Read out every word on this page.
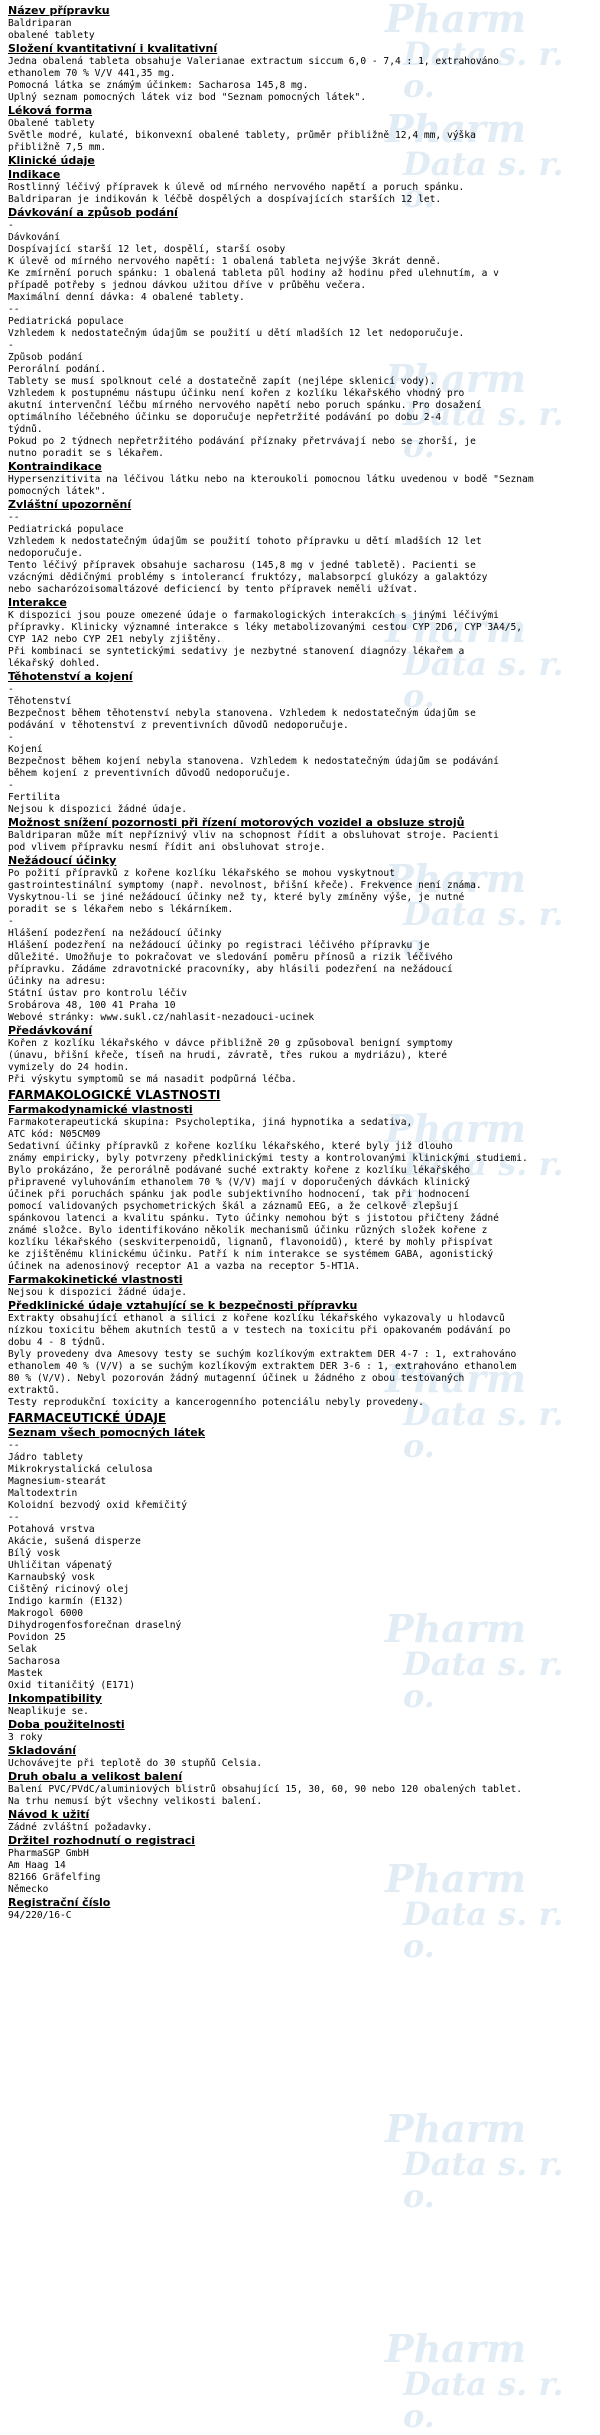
Pharm
Data s. r. o.
Pharm
Data s. r. o.
Pharm
Data s. r. o.
Pharm
Data s. r. o.
Pharm
Data s. r. o.
Pharm
Data s. r. o.
Pharm
Data s. r. o.
Pharm
Data s. r. o.
Pharm
Data s. r. o.
Pharm
Data s. r. o.
Pharm
Data s. r. o.
Název přípravku
Baldriparan
obalené tablety
Složení kvantitativní i kvalitativní
Jedna obalená tableta obsahuje Valerianae extractum siccum 6,0 - 7,4 : 1, extrahováno
ethanolem 70 % V/V 441,35 mg.
Pomocná látka se známým účinkem: Sacharosa 145,8 mg.
Úplný seznam pomocných látek viz bod "Seznam pomocných látek".
Léková forma
Obalené tablety
Světle modré, kulaté, bikonvexní obalené tablety, průměr přibližně 12,4 mm, výška
přibližně 7,5 mm.
Klinické údaje
Indikace
Rostlinný léčivý přípravek k úlevě od mírného nervového napětí a poruch spánku.
Baldriparan je indikován k léčbě dospělých a dospívajících starších 12 let.
Dávkování a způsob podání
-
Dávkování
Dospívající starší 12 let, dospělí, starší osoby
K úlevě od mírného nervového napětí: 1 obalená tableta nejvýše 3krát denně.
Ke zmírnění poruch spánku: 1 obalená tableta půl hodiny až hodinu před ulehnutím, a v
případě potřeby s jednou dávkou užitou dříve v průběhu večera.
Maximální denní dávka: 4 obalené tablety.
--
Pediatrická populace
Vzhledem k nedostatečným údajům se použití u dětí mladších 12 let nedoporučuje.
-
Způsob podání
Perorální podání.
Tablety se musí spolknout celé a dostatečně zapít (nejlépe sklenicí vody).
Vzhledem k postupnému nástupu účinku není kořen z kozlíku lékařského vhodný pro
akutní intervenční léčbu mírného nervového napětí nebo poruch spánku. Pro dosažení
optimálního léčebného účinku se doporučuje nepřetržité podávání po dobu 2-4
týdnů.
Pokud po 2 týdnech nepřetržitého podávání příznaky přetrvávají nebo se zhorší, je
nutno poradit se s lékařem.
Kontraindikace
Hypersenzitivita na léčivou látku nebo na kteroukoli pomocnou látku uvedenou v bodě "Seznam
pomocných látek".
Zvláštní upozornění
--
Pediatrická populace
Vzhledem k nedostatečným údajům se použití tohoto přípravku u dětí mladších 12 let
nedoporučuje.
Tento léčivý přípravek obsahuje sacharosu (145,8 mg v jedné tabletě). Pacienti se
vzácnými dědičnými problémy s intolerancí fruktózy, malabsorpcí glukózy a galaktózy
nebo sacharózoisomaltázové deficiencí by tento přípravek neměli užívat.
Interakce
K dispozici jsou pouze omezené údaje o farmakologických interakcích s jinými léčivými
přípravky. Klinicky významné interakce s léky metabolizovanými cestou CYP 2D6, CYP 3A4/5,
CYP 1A2 nebo CYP 2E1 nebyly zjištěny.
Při kombinaci se syntetickými sedativy je nezbytné stanovení diagnózy lékařem a
lékařský dohled.
Těhotenství a kojení
-
Těhotenství
Bezpečnost během těhotenství nebyla stanovena. Vzhledem k nedostatečným údajům se
podávání v těhotenství z preventivních důvodů nedoporučuje.
-
Kojení
Bezpečnost během kojení nebyla stanovena. Vzhledem k nedostatečným údajům se podávání
během kojení z preventivních důvodů nedoporučuje.
-
Fertilita
Nejsou k dispozici žádné údaje.
Možnost snížení pozornosti při řízení motorových vozidel a obsluze strojů
Baldriparan může mít nepříznivý vliv na schopnost řídit a obsluhovat stroje. Pacienti
pod vlivem přípravku nesmí řídit ani obsluhovat stroje.
Nežádoucí účinky
Po požití přípravků z kořene kozlíku lékařského se mohou vyskytnout
gastrointestinální symptomy (např. nevolnost, břišní křeče). Frekvence není známa.
Vyskytnou-li se jiné nežádoucí účinky než ty, které byly zmíněny výše, je nutné
poradit se s lékařem nebo s lékárníkem.
-
Hlášení podezření na nežádoucí účinky
Hlášení podezření na nežádoucí účinky po registraci léčivého přípravku je
důležité. Umožňuje to pokračovat ve sledování poměru přínosů a rizik léčivého
přípravku. Žádáme zdravotnické pracovníky, aby hlásili podezření na nežádoucí
účinky na adresu:
Státní ústav pro kontrolu léčiv
Šrobárova 48, 100 41 Praha 10
Webové stránky: www.sukl.cz/nahlasit-nezadouci-ucinek
Předávkování
Kořen z kozlíku lékařského v dávce přibližně 20 g způsoboval benigní symptomy
(únavu, břišní křeče, tíseň na hrudi, závratě, třes rukou a mydriázu), které
vymizely do 24 hodin.
Při výskytu symptomů se má nasadit podpůrná léčba.
FARMAKOLOGICKÉ VLASTNOSTI
Farmakodynamické vlastnosti
Farmakoterapeutická skupina: Psycholeptika, jiná hypnotika a sedativa,
ATC kód: N05CM09
Sedativní účinky přípravků z kořene kozlíku lékařského, které byly již dlouho
známy empiricky, byly potvrzeny předklinickými testy a kontrolovanými klinickými studiemi.
Bylo prokázáno, že perorálně podávané suché extrakty kořene z kozlíku lékařského
připravené vyluhováním ethanolem 70 % (V/V) mají v doporučených dávkách klinický
účinek při poruchách spánku jak podle subjektivního hodnocení, tak při hodnocení
pomocí validovaných psychometrických škál a záznamů EEG, a že celkově zlepšují
spánkovou latenci a kvalitu spánku. Tyto účinky nemohou být s jistotou přičteny žádné
známé složce. Bylo identifikováno několik mechanismů účinku různých složek kořene z
kozlíku lékařského (seskviterpenoidů, lignanů, flavonoidů), které by mohly přispívat
ke zjištěnému klinickému účinku. Patří k nim interakce se systémem GABA, agonistický
účinek na adenosinový receptor A1 a vazba na receptor 5-HT1A.
Farmakokinetické vlastnosti
Nejsou k dispozici žádné údaje.
Předklinické údaje vztahující se k bezpečnosti přípravku
Extrakty obsahující ethanol a silici z kořene kozlíku lékařského vykazovaly u hlodavců
nízkou toxicitu během akutních testů a v testech na toxicitu při opakovaném podávání po
dobu 4 - 8 týdnů.
Byly provedeny dva Amesovy testy se suchým kozlíkovým extraktem DER 4-7 : 1, extrahováno
ethanolem 40 % (V/V) a se suchým kozlíkovým extraktem DER 3-6 : 1, extrahováno ethanolem
80 % (V/V). Nebyl pozorován žádný mutagenní účinek u žádného z obou testovaných
extraktů.
Testy reprodukční toxicity a kancerogenního potenciálu nebyly provedeny.
FARMACEUTICKÉ ÚDAJE
Seznam všech pomocných látek
--
Jádro tablety
Mikrokrystalická celulosa
Magnesium-stearát
Maltodextrin
Koloidní bezvodý oxid křemičitý
--
Potahová vrstva
Akácie, sušená disperze
Bílý vosk
Uhličitan vápenatý
Karnaubský vosk
Čištěný ricinový olej
Indigo karmín (E132)
Makrogol 6000
Dihydrogenfosforečnan draselný
Povidon 25
Šelak
Sacharosa
Mastek
Oxid titaničitý (E171)
Inkompatibility
Neaplikuje se.
Doba použitelnosti
3 roky
Skladování
Uchovávejte při teplotě do 30 stupňů Celsia.
Druh obalu a velikost balení
Balení PVC/PVdC/aluminiových blistrů obsahující 15, 30, 60, 90 nebo 120 obalených tablet.
Na trhu nemusí být všechny velikosti balení.
Návod k užití
Žádné zvláštní požadavky.
Držitel rozhodnutí o registraci
PharmaSGP GmbH
Am Haag 14
82166 Gräfelfing
Německo
Registrační číslo
94/220/16-C
